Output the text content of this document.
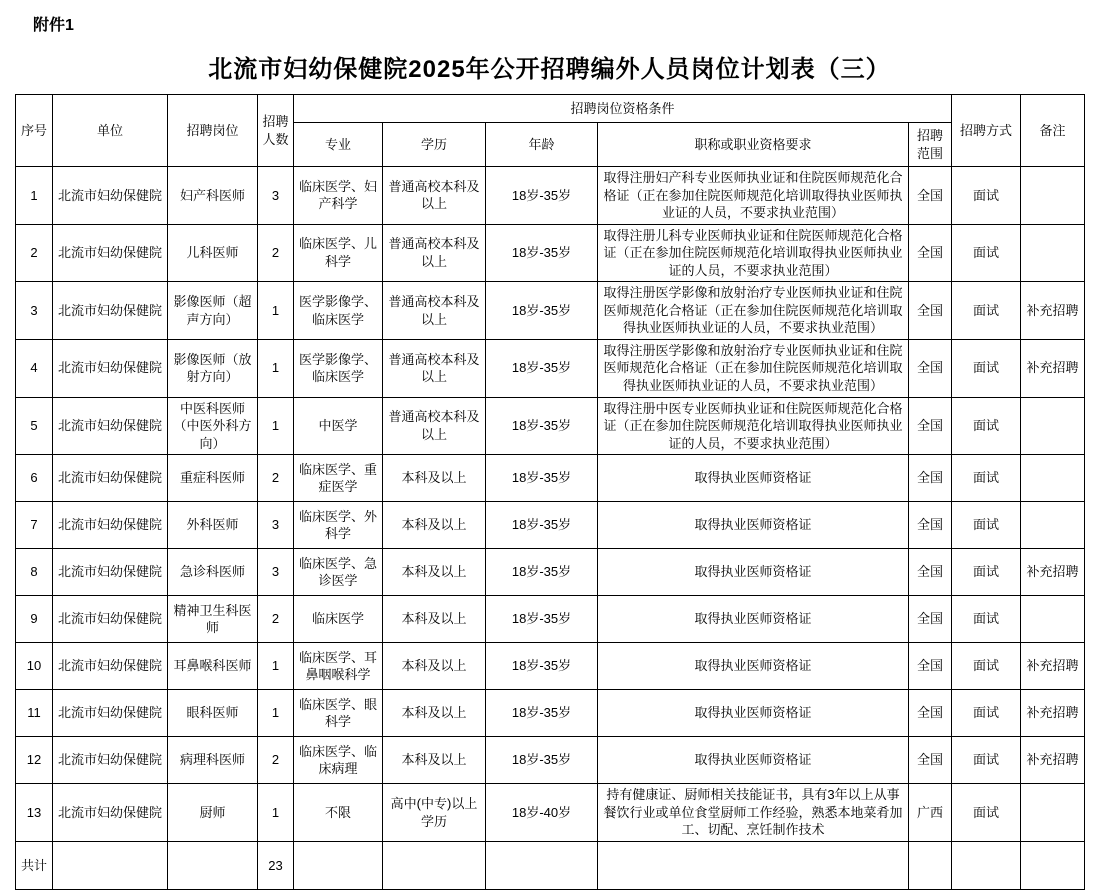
附件1
北流市妇幼保健院2025年公开招聘编外人员岗位计划表（三）
序号	单位	招聘岗位	招聘人数	招聘岗位资格条件					招聘方式	备注
				专业	学历	年龄	职称或职业资格要求	招聘范围		
1	北流市妇幼保健院	妇产科医师	3	临床医学、妇产科学	普通高校本科及以上	18岁-35岁	取得注册妇产科专业医师执业证和住院医师规范化合格证（正在参加住院医师规范化培训取得执业医师执业证的人员，不要求执业范围）	全国	面试	
2	北流市妇幼保健院	儿科医师	2	临床医学、儿科学	普通高校本科及以上	18岁-35岁	取得注册儿科专业医师执业证和住院医师规范化合格证（正在参加住院医师规范化培训取得执业医师执业证的人员，不要求执业范围）	全国	面试	
3	北流市妇幼保健院	影像医师（超声方向）	1	医学影像学、临床医学	普通高校本科及以上	18岁-35岁	取得注册医学影像和放射治疗专业医师执业证和住院医师规范化合格证（正在参加住院医师规范化培训取得执业医师执业证的人员，不要求执业范围）	全国	面试	补充招聘
4	北流市妇幼保健院	影像医师（放射方向）	1	医学影像学、临床医学	普通高校本科及以上	18岁-35岁	取得注册医学影像和放射治疗专业医师执业证和住院医师规范化合格证（正在参加住院医师规范化培训取得执业医师执业证的人员，不要求执业范围）	全国	面试	补充招聘
5	北流市妇幼保健院	中医科医师（中医外科方向）	1	中医学	普通高校本科及以上	18岁-35岁	取得注册中医专业医师执业证和住院医师规范化合格证（正在参加住院医师规范化培训取得执业医师执业证的人员，不要求执业范围）	全国	面试	
6	北流市妇幼保健院	重症科医师	2	临床医学、重症医学	本科及以上	18岁-35岁	取得执业医师资格证	全国	面试	
7	北流市妇幼保健院	外科医师	3	临床医学、外科学	本科及以上	18岁-35岁	取得执业医师资格证	全国	面试	
8	北流市妇幼保健院	急诊科医师	3	临床医学、急诊医学	本科及以上	18岁-35岁	取得执业医师资格证	全国	面试	补充招聘
9	北流市妇幼保健院	精神卫生科医师	2	临床医学	本科及以上	18岁-35岁	取得执业医师资格证	全国	面试	
10	北流市妇幼保健院	耳鼻喉科医师	1	临床医学、耳鼻咽喉科学	本科及以上	18岁-35岁	取得执业医师资格证	全国	面试	补充招聘
11	北流市妇幼保健院	眼科医师	1	临床医学、眼科学	本科及以上	18岁-35岁	取得执业医师资格证	全国	面试	补充招聘
12	北流市妇幼保健院	病理科医师	2	临床医学、临床病理	本科及以上	18岁-35岁	取得执业医师资格证	全国	面试	补充招聘
13	北流市妇幼保健院	厨师	1	不限	高中(中专)以上学历	18岁-40岁	持有健康证、厨师相关技能证书，具有3年以上从事餐饮行业或单位食堂厨师工作经验，熟悉本地菜肴加工、切配、烹饪制作技术	广西	面试	
共计			23							
